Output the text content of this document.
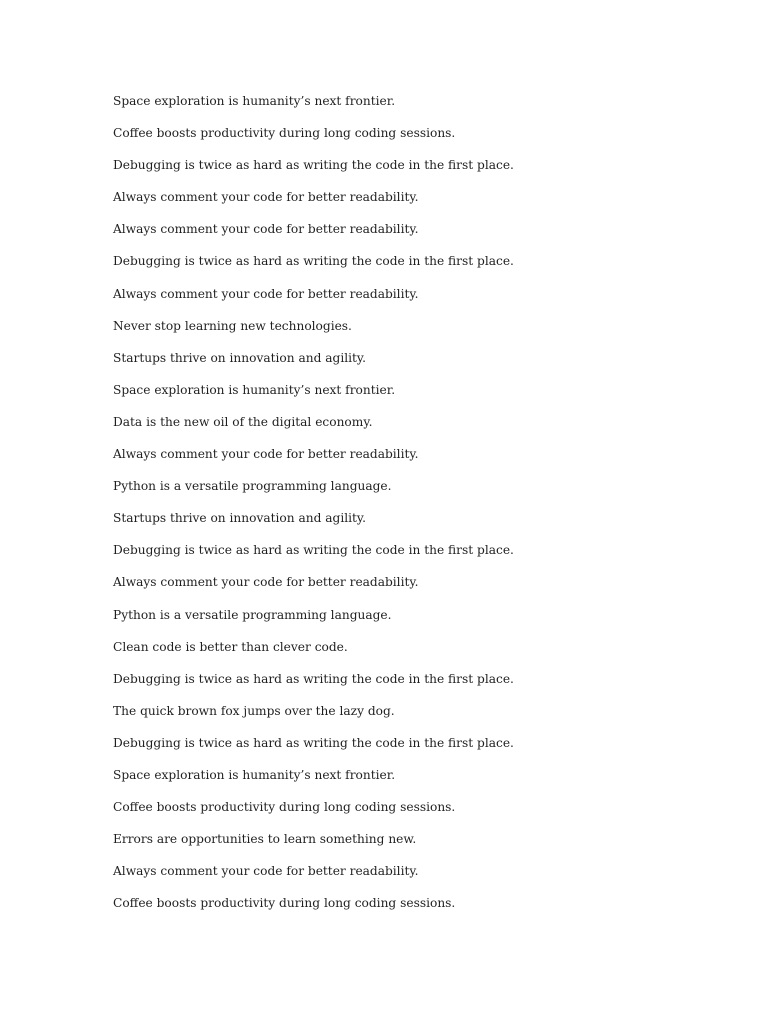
Space exploration is humanity’s next frontier.
Coffee boosts productivity during long coding sessions.
Debugging is twice as hard as writing the code in the first place.
Always comment your code for better readability.
Always comment your code for better readability.
Debugging is twice as hard as writing the code in the first place.
Always comment your code for better readability.
Never stop learning new technologies.
Startups thrive on innovation and agility.
Space exploration is humanity’s next frontier.
Data is the new oil of the digital economy.
Always comment your code for better readability.
Python is a versatile programming language.
Startups thrive on innovation and agility.
Debugging is twice as hard as writing the code in the first place.
Always comment your code for better readability.
Python is a versatile programming language.
Clean code is better than clever code.
Debugging is twice as hard as writing the code in the first place.
The quick brown fox jumps over the lazy dog.
Debugging is twice as hard as writing the code in the first place.
Space exploration is humanity’s next frontier.
Coffee boosts productivity during long coding sessions.
Errors are opportunities to learn something new.
Always comment your code for better readability.
Coffee boosts productivity during long coding sessions.
